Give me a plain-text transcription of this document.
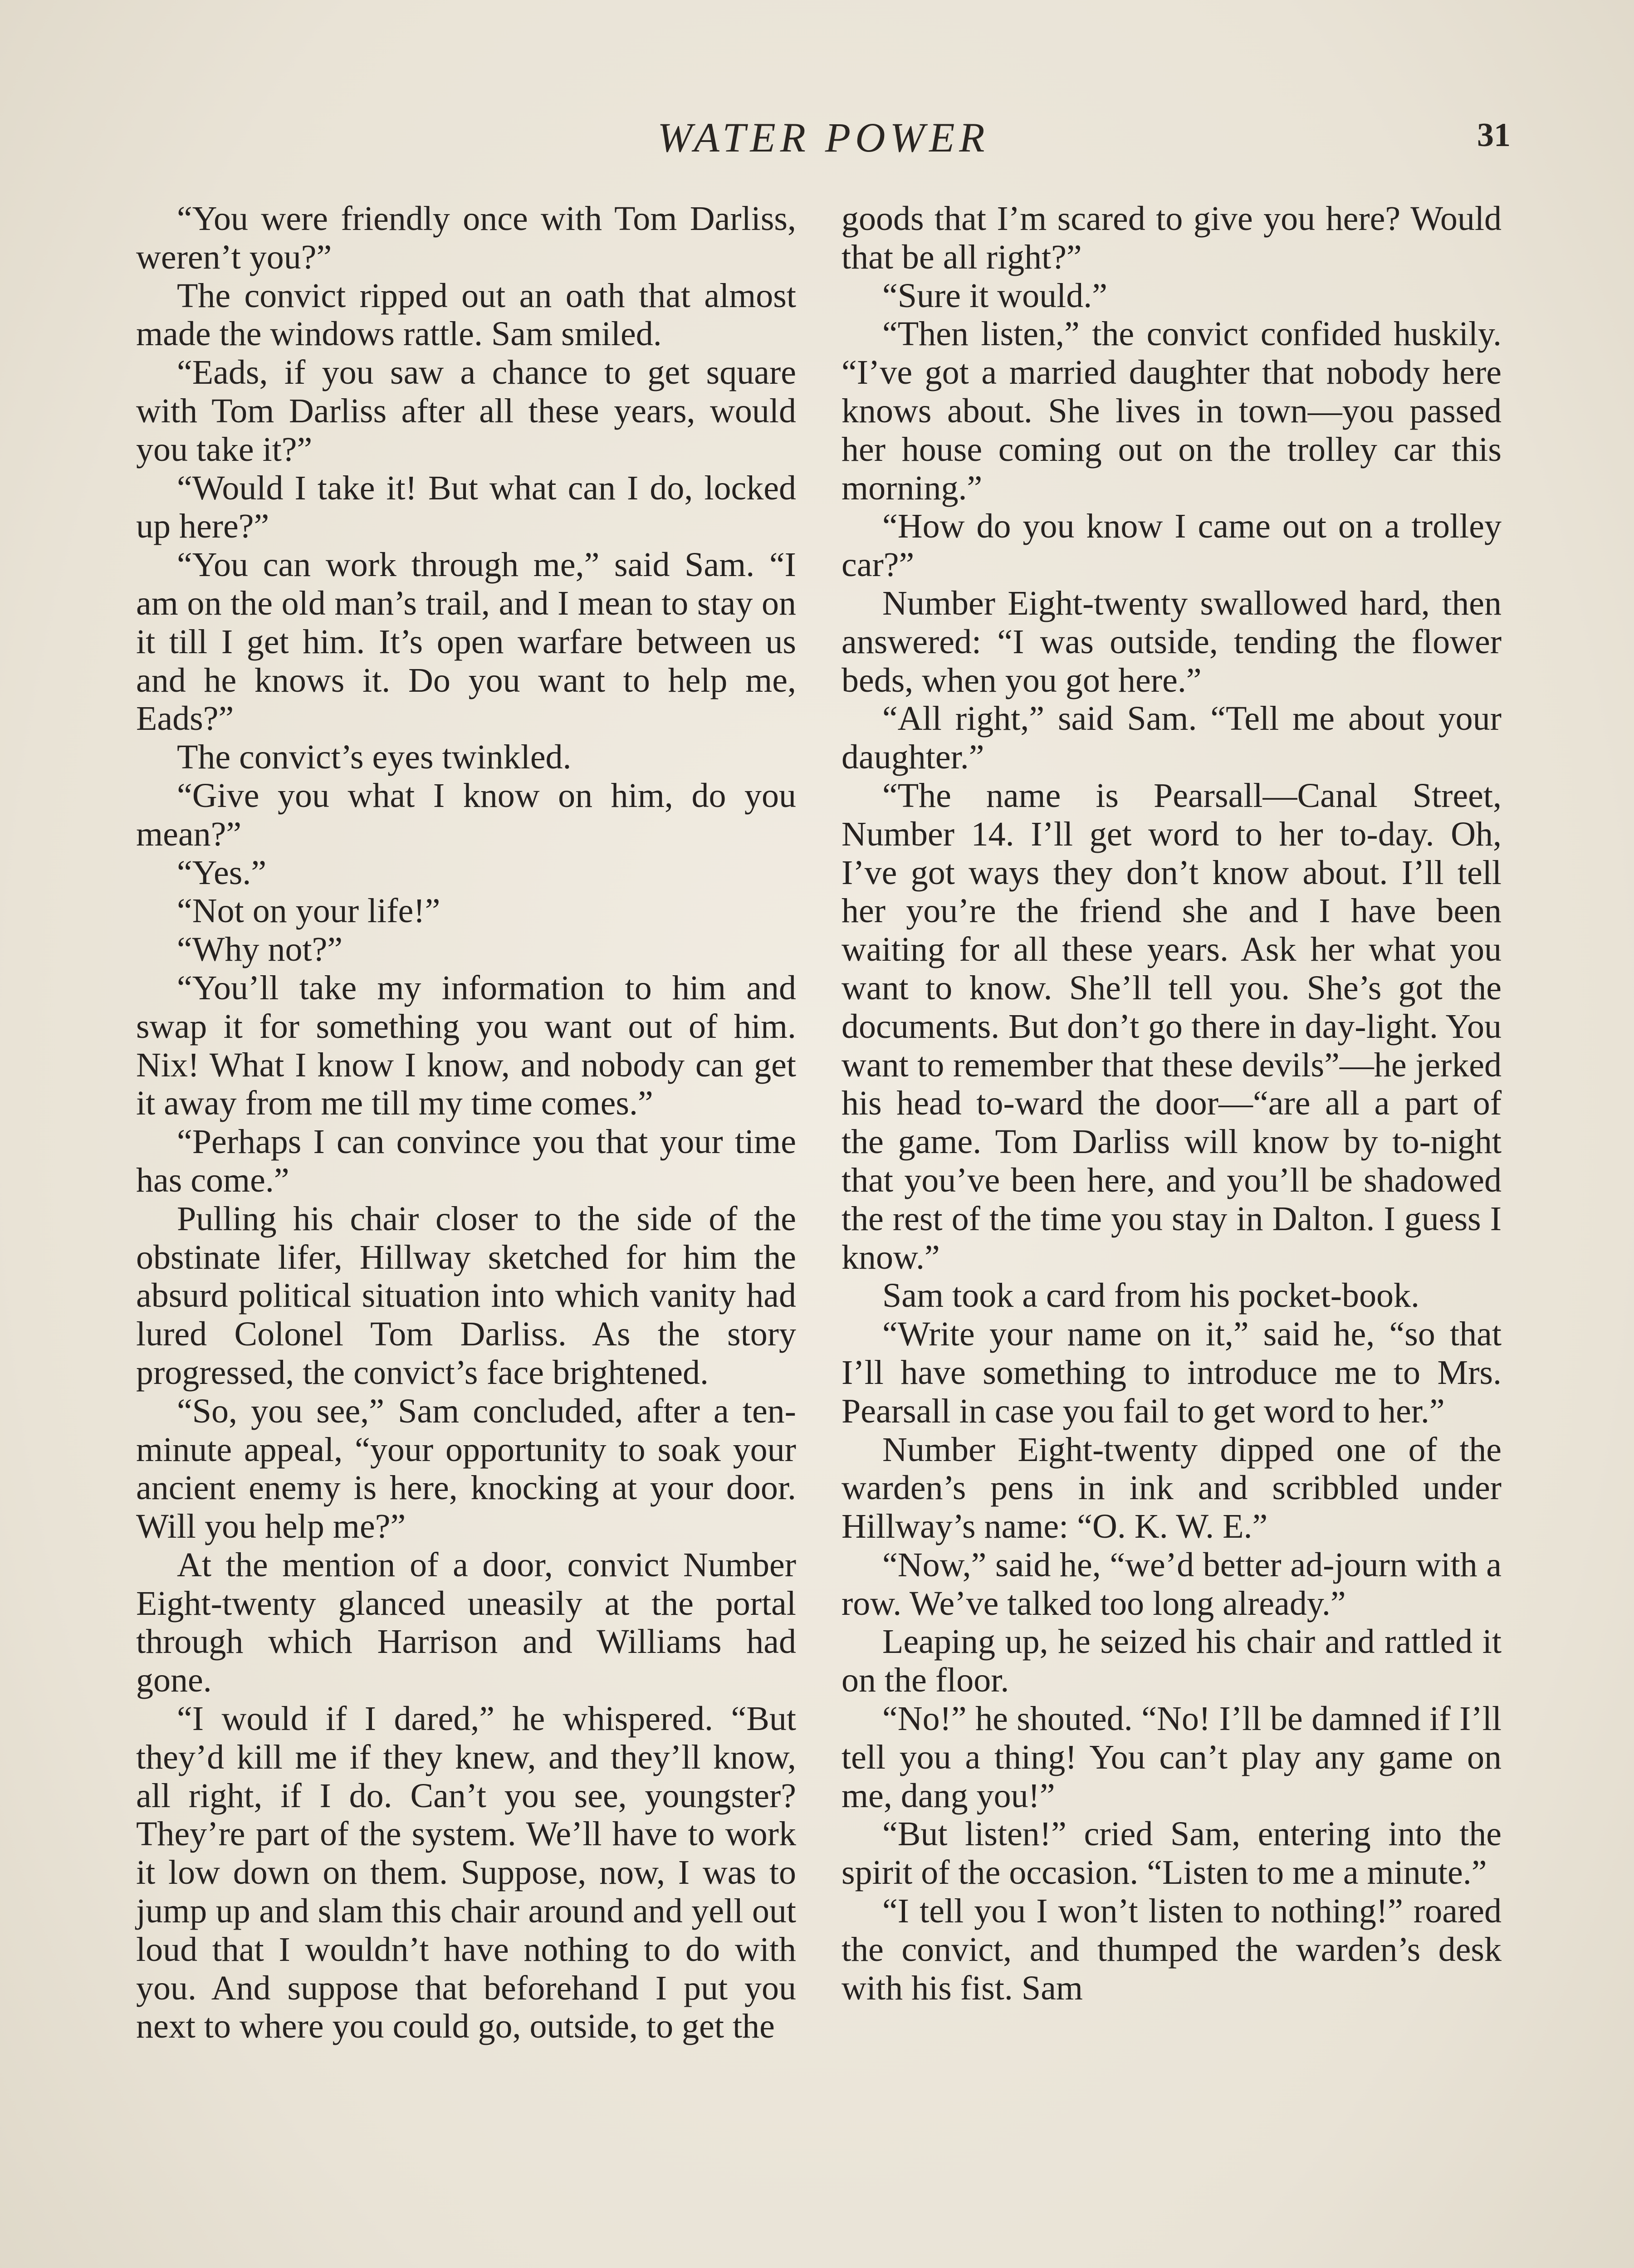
WATER POWER	31

“You were friendly once with Tom Darliss, weren’t you?”

The convict ripped out an oath that almost made the windows rattle. Sam smiled.

“Eads, if you saw a chance to get square with Tom Darliss after all these years, would you take it?”

“Would I take it! But what can I do, locked up here?”

“You can work through me,” said Sam. “I am on the old man’s trail, and I mean to stay on it till I get him. It’s open warfare between us and he knows it. Do you want to help me, Eads?”

The convict’s eyes twinkled.

“Give you what I know on him, do you mean?”

“Yes.”

“Not on your life!”

“Why not?”

“You’ll take my information to him and swap it for something you want out of him. Nix! What I know I know, and nobody can get it away from me till my time comes.”

“Perhaps I can convince you that your time has come.”

Pulling his chair closer to the side of the obstinate lifer, Hillway sketched for him the absurd political situation into which vanity had lured Colonel Tom Darliss. As the story progressed, the convict’s face brightened.

“So, you see,” Sam concluded, after a ten-minute appeal, “your opportunity to soak your ancient enemy is here, knocking at your door. Will you help me?”

At the mention of a door, convict Number Eight-twenty glanced uneasily at the portal through which Harrison and Williams had gone.

“I would if I dared,” he whispered. “But they’d kill me if they knew, and they’ll know, all right, if I do. Can’t you see, youngster? They’re part of the system. We’ll have to work it low down on them. Suppose, now, I was to jump up and slam this chair around and yell out loud that I wouldn’t have nothing to do with you. And suppose that beforehand I put you next to where you could go, outside, to get the

goods that I’m scared to give you here? Would that be all right?”

“Sure it would.”

“Then listen,” the convict confided huskily. “I’ve got a married daughter that nobody here knows about. She lives in town—you passed her house coming out on the trolley car this morning.”

“How do you know I came out on a trolley car?”

Number Eight-twenty swallowed hard, then answered: “I was outside, tending the flower beds, when you got here.”

“All right,” said Sam. “Tell me about your daughter.”

“The name is Pearsall—Canal Street, Number 14. I’ll get word to her to-day. Oh, I’ve got ways they don’t know about. I’ll tell her you’re the friend she and I have been waiting for all these years. Ask her what you want to know. She’ll tell you. She’s got the documents. But don’t go there in day-light. You want to remember that these devils”—he jerked his head to-ward the door—“are all a part of the game. Tom Darliss will know by to-night that you’ve been here, and you’ll be shadowed the rest of the time you stay in Dalton. I guess I know.”

Sam took a card from his pocket-book.

“Write your name on it,” said he, “so that I’ll have something to introduce me to Mrs. Pearsall in case you fail to get word to her.”

Number Eight-twenty dipped one of the warden’s pens in ink and scribbled under Hillway’s name: “O. K. W. E.”

“Now,” said he, “we’d better ad-journ with a row. We’ve talked too long already.”

Leaping up, he seized his chair and rattled it on the floor.

“No!” he shouted. “No! I’ll be damned if I’ll tell you a thing! You can’t play any game on me, dang you!”

“But listen!” cried Sam, entering into the spirit of the occasion. “Listen to me a minute.”

“I tell you I won’t listen to nothing!” roared the convict, and thumped the warden’s desk with his fist. Sam
